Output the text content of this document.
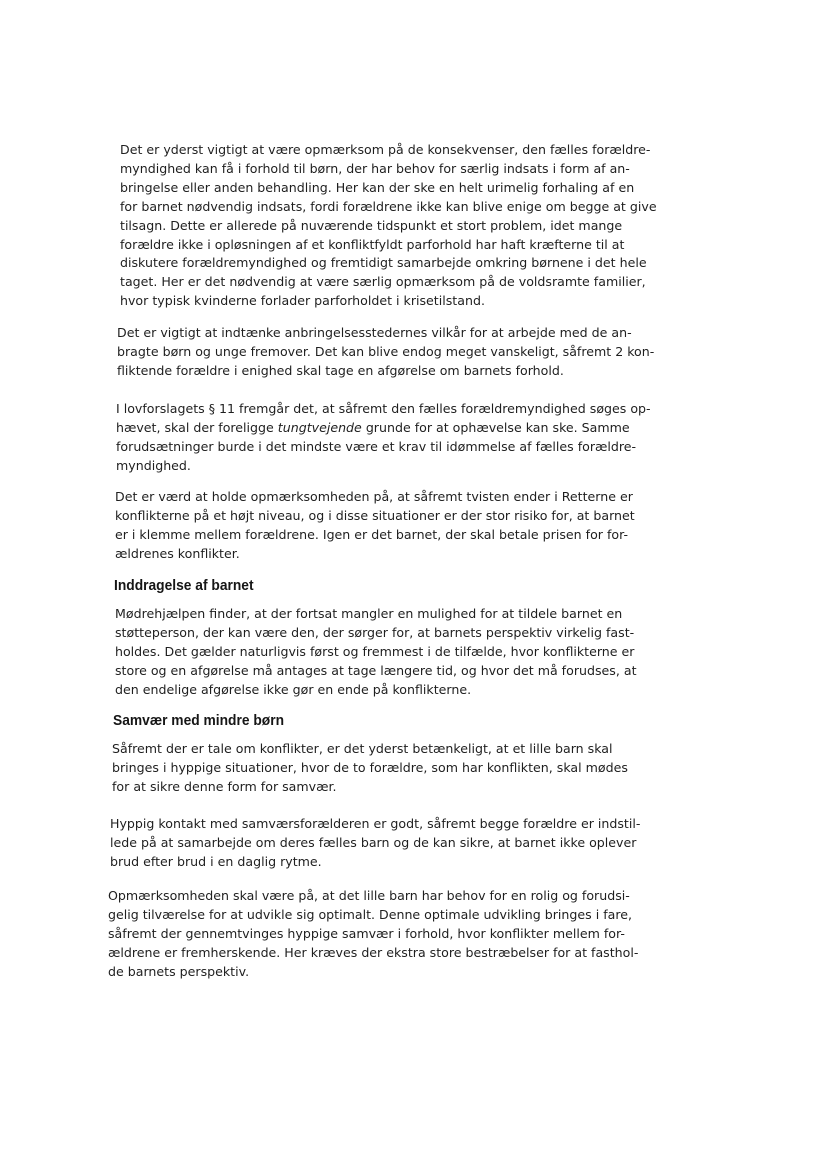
Det er yderst vigtigt at være opmærksom på de konsekvenser, den fælles forældre-
myndighed kan få i forhold til børn, der har behov for særlig indsats i form af an-
bringelse eller anden behandling. Her kan der ske en helt urimelig forhaling af en
for barnet nødvendig indsats, fordi forældrene ikke kan blive enige om begge at give
tilsagn. Dette er allerede på nuværende tidspunkt et stort problem, idet mange
forældre ikke i opløsningen af et konfliktfyldt parforhold har haft kræfterne til at
diskutere forældremyndighed og fremtidigt samarbejde omkring børnene i det hele
taget. Her er det nødvendig at være særlig opmærksom på de voldsramte familier,
hvor typisk kvinderne forlader parforholdet i krisetilstand.

Det er vigtigt at indtænke anbringelsesstedernes vilkår for at arbejde med de an-
bragte børn og unge fremover. Det kan blive endog meget vanskeligt, såfremt 2 kon-
fliktende forældre i enighed skal tage en afgørelse om barnets forhold.

I lovforslagets § 11 fremgår det, at såfremt den fælles forældremyndighed søges op-
hævet, skal der foreligge tungtvejende grunde for at ophævelse kan ske. Samme
forudsætninger burde i det mindste være et krav til idømmelse af fælles forældre-
myndighed.

Det er værd at holde opmærksomheden på, at såfremt tvisten ender i Retterne er
konflikterne på et højt niveau, og i disse situationer er der stor risiko for, at barnet
er i klemme mellem forældrene. Igen er det barnet, der skal betale prisen for for-
ældrenes konflikter.

Inddragelse af barnet

Mødrehjælpen finder, at der fortsat mangler en mulighed for at tildele barnet en
støtteperson, der kan være den, der sørger for, at barnets perspektiv virkelig fast-
holdes. Det gælder naturligvis først og fremmest i de tilfælde, hvor konflikterne er
store og en afgørelse må antages at tage længere tid, og hvor det må forudses, at
den endelige afgørelse ikke gør en ende på konflikterne.

Samvær med mindre børn

Såfremt der er tale om konflikter, er det yderst betænkeligt, at et lille barn skal
bringes i hyppige situationer, hvor de to forældre, som har konflikten, skal mødes
for at sikre denne form for samvær.

Hyppig kontakt med samværsforælderen er godt, såfremt begge forældre er indstil-
lede på at samarbejde om deres fælles barn og de kan sikre, at barnet ikke oplever
brud efter brud i en daglig rytme.

Opmærksomheden skal være på, at det lille barn har behov for en rolig og forudsi-
gelig tilværelse for at udvikle sig optimalt. Denne optimale udvikling bringes i fare,
såfremt der gennemtvinges hyppige samvær i forhold, hvor konflikter mellem for-
ældrene er fremherskende. Her kræves der ekstra store bestræbelser for at fasthol-
de barnets perspektiv.
